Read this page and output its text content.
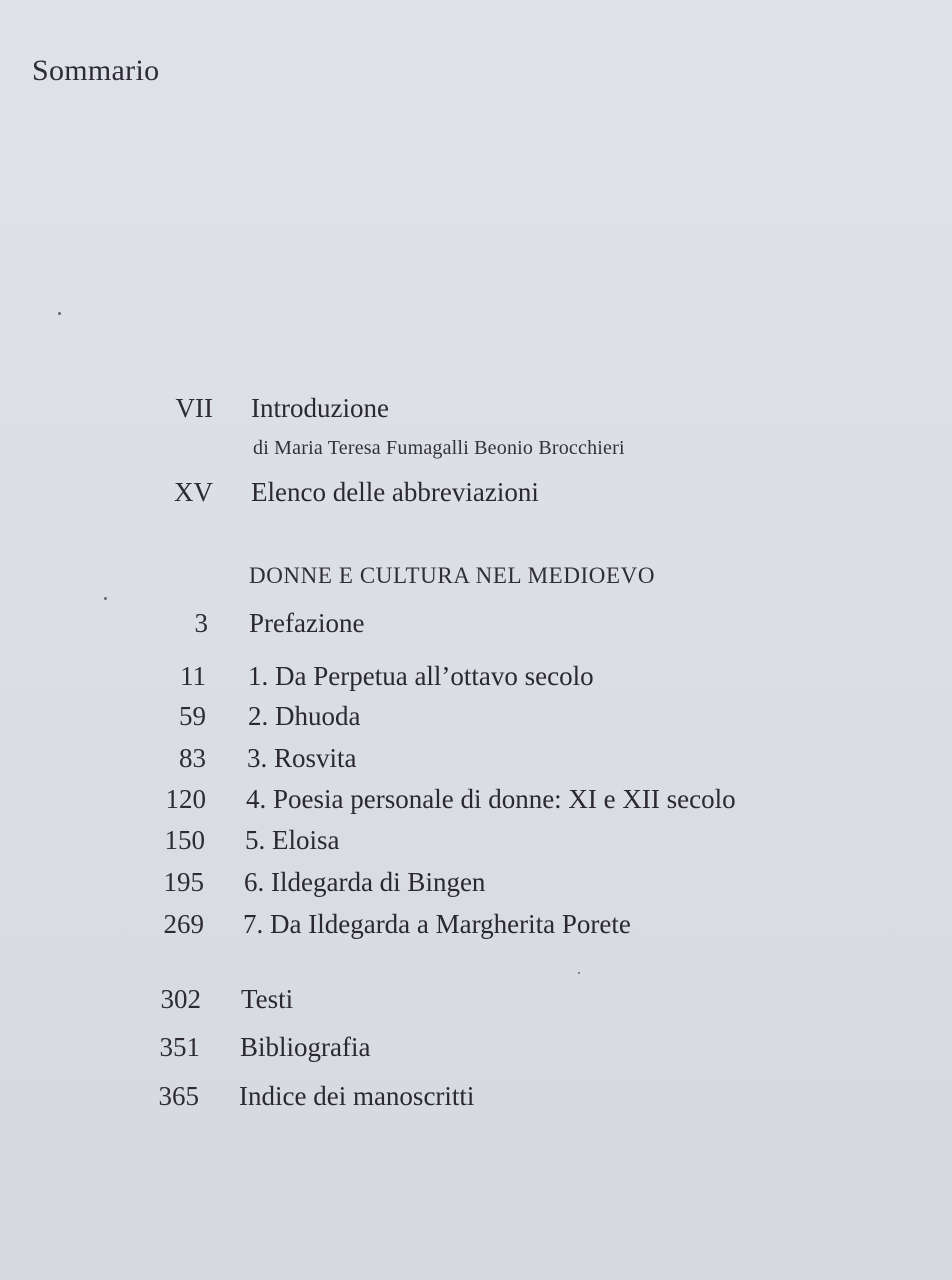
Sommario
VII Introduzione
di Maria Teresa Fumagalli Beonio Brocchieri
XV Elenco delle abbreviazioni
DONNE E CULTURA NEL MEDIOEVO
3 Prefazione
11 1. Da Perpetua all’ottavo secolo
59 2. Dhuoda
83 3. Rosvita
120 4. Poesia personale di donne: XI e XII secolo
150 5. Eloisa
195 6. Ildegarda di Bingen
269 7. Da Ildegarda a Margherita Porete
302 Testi
351 Bibliografia
365 Indice dei manoscritti
